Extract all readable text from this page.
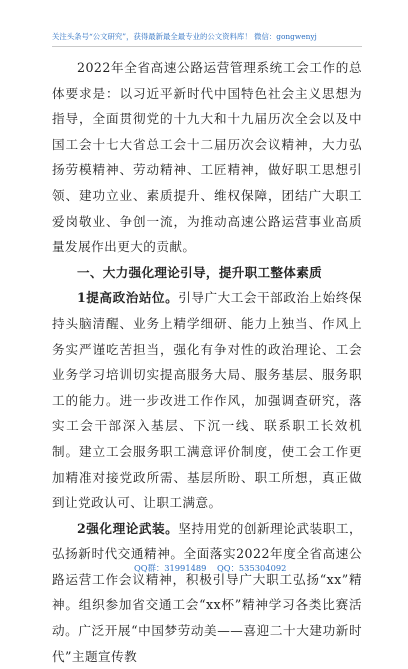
关注头条号“公文研究”，获得最新最全最专业的公文资料库！ 微信：gongwenyj

2022年全省高速公路运营管理系统工会工作的总体要求是：以习近平新时代中国特色社会主义思想为指导，全面贯彻党的十九大和十九届历次全会以及中国工会十七大省总工会十二届历次会议精神，大力弘扬劳模精神、劳动精神、工匠精神，做好职工思想引领、建功立业、素质提升、维权保障，团结广大职工爱岗敬业、争创一流，为推动高速公路运营事业高质量发展作出更大的贡献。

一、大力强化理论引导，提升职工整体素质

1提高政治站位。引导广大工会干部政治上始终保持头脑清醒、业务上精学细研、能力上独当、作风上务实严谨吃苦担当，强化有争对性的政治理论、工会业务学习培训切实提高服务大局、服务基层、服务职工的能力。进一步改进工作作风，加强调查研究，落实工会干部深入基层、下沉一线、联系职工长效机制。建立工会服务职工满意评价制度，使工会工作更加精准对接党政所需、基层所盼、职工所想，真正做到让党政认可、让职工满意。

2强化理论武装。坚持用党的创新理论武装职工，弘扬新时代交通精神。全面落实2022年度全省高速公路运营工作会议精神，积极引导广大职工弘扬“xx”精神。组织参加省交通工会“xx杯”精神学习各类比赛活动。广泛开展“中国梦劳动美——喜迎二十大建功新时代”主题宣传教

QQ群：31991489 QQ：535304092
